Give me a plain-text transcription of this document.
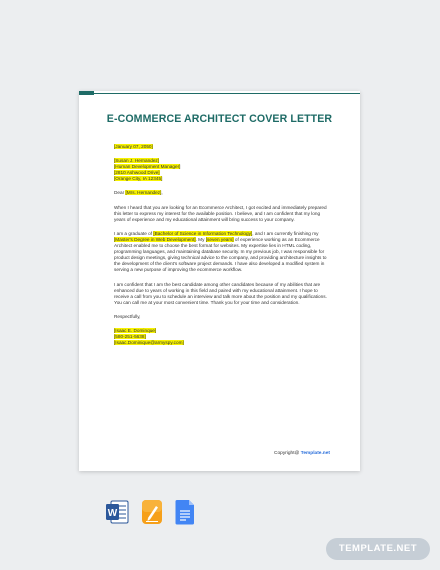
E-COMMERCE ARCHITECT COVER LETTER
[January 07, 2050]
[Susan J. Hernandez]
[Human Development Manager]
[2810 Ashwood Drive]
[Orange City, IA 12345]
Dear [Mrs. Hernandez],
When I heard that you are looking for an Ecommerce Architect, I got excited and immediately prepared this letter to express my interest for the available position. I believe, and I am confident that my long years of experience and my educational attainment will bring success to your company.
I am a graduate of [Bachelor of Science in Information Technology], and I am currently finishing my [Master's Degree in Web Development]. My [seven years] of experience working as an Ecommerce Architect enabled me to choose the best format for websites. My expertise lies in HTML coding, programming languages, and maintaining database security. In my previous job, I was responsible for product design meetings, giving technical advice to the company, and providing architecture insights to the development of the client's software project demands. I have also developed a modified system in serving a new purpose of improving the ecommerce workflow.
I am confident that I am the best candidate among other candidates because of my abilities that are enhanced due to years of working in this field and paired with my educational attainment. I hope to receive a call from you to schedule an interview and talk more about the position and my qualifications. You can call me at your most convenient time. Thank you for your time and consideration.
Respectfully,
[Isaac E. Dominque]
[580-251-5638]
[Isaac.Dominique@armyspy.com]
Copyright@ Template.net
W
TEMPLATE.NET
